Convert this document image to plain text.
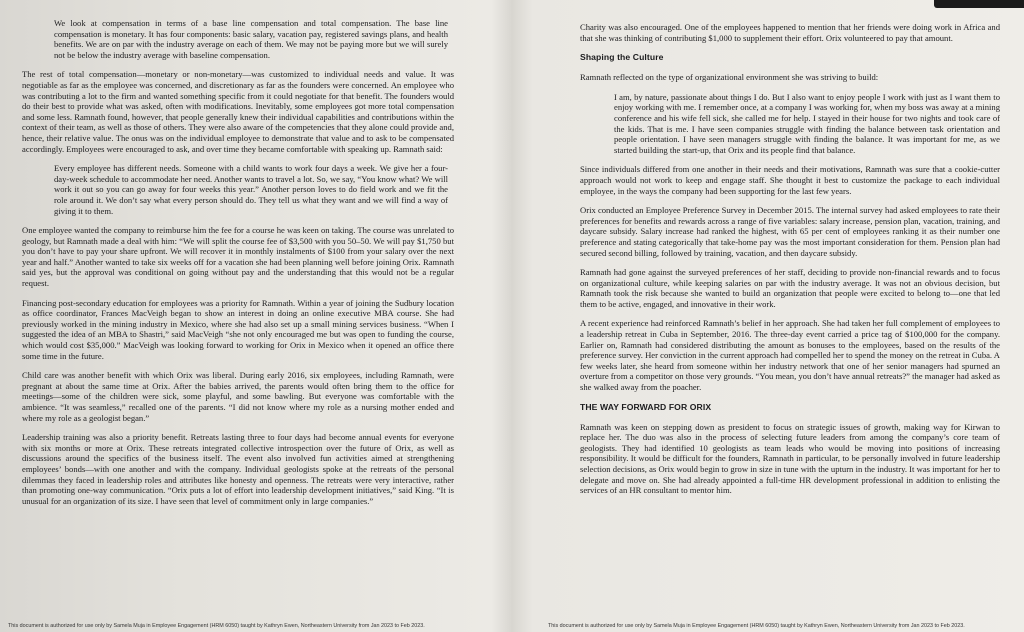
We look at compensation in terms of a base line compensation and total compensation. The base line compensation is monetary. It has four components: basic salary, vacation pay, registered savings plans, and health benefits. We are on par with the industry average on each of them. We may not be paying more but we will surely not be below the industry average with baseline compensation.

The rest of total compensation—monetary or non-monetary—was customized to individual needs and value. It was negotiable as far as the employee was concerned, and discretionary as far as the founders were concerned. An employee who was contributing a lot to the firm and wanted something specific from it could negotiate for that benefit. The founders would do their best to provide what was asked, often with modifications. Inevitably, some employees got more total compensation and some less. Ramnath found, however, that people generally knew their individual capabilities and contributions within the context of their team, as well as those of others. They were also aware of the competencies that they alone could provide and, hence, their relative value. The onus was on the individual employee to demonstrate that value and to ask to be compensated accordingly. Employees were encouraged to ask, and over time they became comfortable with speaking up. Ramnath said:

Every employee has different needs. Someone with a child wants to work four days a week. We give her a four-day-week schedule to accommodate her need. Another wants to travel a lot. So, we say, “You know what? We will work it out so you can go away for four weeks this year.” Another person loves to do field work and we fit the role around it. We don’t say what every person should do. They tell us what they want and we will find a way of giving it to them.

One employee wanted the company to reimburse him the fee for a course he was keen on taking. The course was unrelated to geology, but Ramnath made a deal with him: “We will split the course fee of $3,500 with you 50–50. We will pay $1,750 but you don’t have to pay your share upfront. We will recover it in monthly instalments of $100 from your salary over the next year and half.” Another wanted to take six weeks off for a vacation she had been planning well before joining Orix. Ramnath said yes, but the approval was conditional on going without pay and the understanding that this would not be a regular request.

Financing post-secondary education for employees was a priority for Ramnath. Within a year of joining the Sudbury location as office coordinator, Frances MacVeigh began to show an interest in doing an online executive MBA course. She had previously worked in the mining industry in Mexico, where she had also set up a small mining services business. “When I suggested the idea of an MBA to Shastri,” said MacVeigh “she not only encouraged me but was open to funding the course, which would cost $35,000.” MacVeigh was looking forward to working for Orix in Mexico when it opened an office there some time in the future.

Child care was another benefit with which Orix was liberal. During early 2016, six employees, including Ramnath, were pregnant at about the same time at Orix. After the babies arrived, the parents would often bring them to the office for meetings—some of the children were sick, some playful, and some bawling. But everyone was comfortable with the ambience. “It was seamless,” recalled one of the parents. “I did not know where my role as a nursing mother ended and where my role as a geologist began.”

Leadership training was also a priority benefit. Retreats lasting three to four days had become annual events for everyone with six months or more at Orix. These retreats integrated collective introspection over the future of Orix, as well as discussions around the specifics of the business itself. The event also involved fun activities aimed at strengthening employees’ bonds—with one another and with the company. Individual geologists spoke at the retreats of the personal dilemmas they faced in leadership roles and attributes like honesty and openness. The retreats were very interactive, rather than promoting one-way communication. “Orix puts a lot of effort into leadership development initiatives,” said King. “It is unusual for an organization of its size. I have seen that level of commitment only in large companies.”

Charity was also encouraged. One of the employees happened to mention that her friends were doing work in Africa and that she was thinking of contributing $1,000 to supplement their effort. Orix volunteered to pay that amount.

Shaping the Culture

Ramnath reflected on the type of organizational environment she was striving to build:

I am, by nature, passionate about things I do. But I also want to enjoy people I work with just as I want them to enjoy working with me. I remember once, at a company I was working for, when my boss was away at a mining conference and his wife fell sick, she called me for help. I stayed in their house for two nights and took care of the kids. That is me. I have seen companies struggle with finding the balance between task orientation and people orientation. I have seen managers struggle with finding the balance. It was important for me, as we started building the start-up, that Orix and its people find that balance.

Since individuals differed from one another in their needs and their motivations, Ramnath was sure that a cookie-cutter approach would not work to keep and engage staff. She thought it best to customize the package to each individual employee, in the ways the company had been supporting for the last few years.

Orix conducted an Employee Preference Survey in December 2015. The internal survey had asked employees to rate their preferences for benefits and rewards across a range of five variables: salary increase, pension plan, vacation, training, and daycare subsidy. Salary increase had ranked the highest, with 65 per cent of employees ranking it as their number one preference and stating categorically that take-home pay was the most important consideration for them. Pension plan had secured second billing, followed by training, vacation, and then daycare subsidy.

Ramnath had gone against the surveyed preferences of her staff, deciding to provide non-financial rewards and to focus on organizational culture, while keeping salaries on par with the industry average. It was not an obvious decision, but Ramnath took the risk because she wanted to build an organization that people were excited to belong to—one that led them to be active, engaged, and innovative in their work.

A recent experience had reinforced Ramnath’s belief in her approach. She had taken her full complement of employees to a leadership retreat in Cuba in September, 2016. The three-day event carried a price tag of $100,000 for the company. Earlier on, Ramnath had considered distributing the amount as bonuses to the employees, based on the results of the preference survey. Her conviction in the current approach had compelled her to spend the money on the retreat in Cuba. A few weeks later, she heard from someone within her industry network that one of her senior managers had spurned an overture from a competitor on those very grounds. “You mean, you don’t have annual retreats?” the manager had asked as she walked away from the poacher.

THE WAY FORWARD FOR ORIX

Ramnath was keen on stepping down as president to focus on strategic issues of growth, making way for Kirwan to replace her. The duo was also in the process of selecting future leaders from among the company’s core team of geologists. They had identified 10 geologists as team leads who would be moving into positions of increasing responsibility. It would be difficult for the founders, Ramnath in particular, to be personally involved in future leadership selection decisions, as Orix would begin to grow in size in tune with the upturn in the industry. It was important for her to delegate and move on. She had already appointed a full-time HR development professional in addition to enlisting the services of an HR consultant to mentor him.

This document is authorized for use only by Samela Muja in Employee Engagement (HRM 6050) taught by Kathryn Ewen, Northeastern University from Jan 2023 to Feb 2023.	This document is authorized for use only by Samela Muja in Employee Engagement (HRM 6050) taught by Kathryn Ewen, Northeastern University from Jan 2023 to Feb 2023.
